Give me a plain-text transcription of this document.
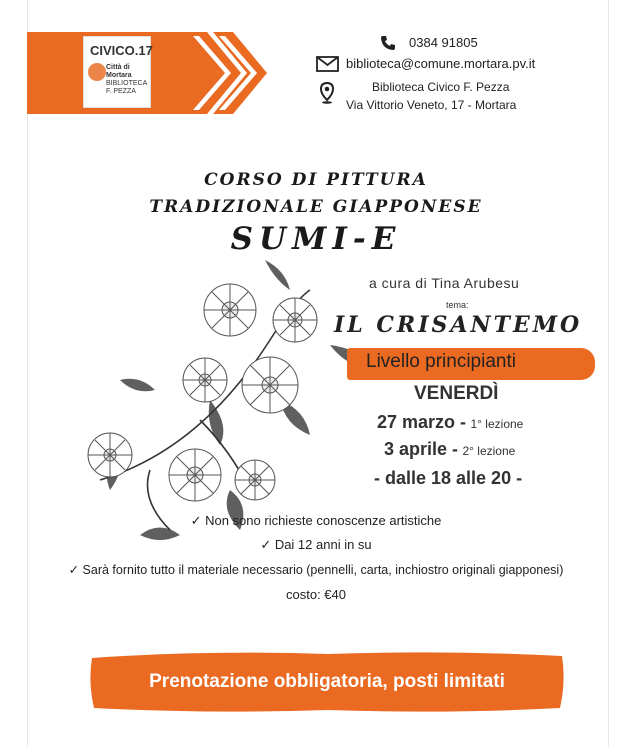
CIVICO.17
Città di Mortara
BIBLIOTECA
F. PEZZA
0384 91805
biblioteca@comune.mortara.pv.it
Biblioteca Civico F. Pezza
Via Vittorio Veneto, 17 - Mortara
CORSO DI PITTURA
TRADIZIONALE GIAPPONESE
SUMI-E
a cura di Tina Arubesu
tema:
IL CRISANTEMO
Livello principianti
VENERDÌ
27 marzo - 1° lezione
3 aprile - 2° lezione
- dalle 18 alle 20 -
✓ Non sono richieste conoscenze artistiche
✓ Dai 12 anni in su
✓ Sarà fornito tutto il materiale necessario (pennelli, carta, inchiostro originali giapponesi)
costo: €40
Prenotazione obbligatoria, posti limitati
